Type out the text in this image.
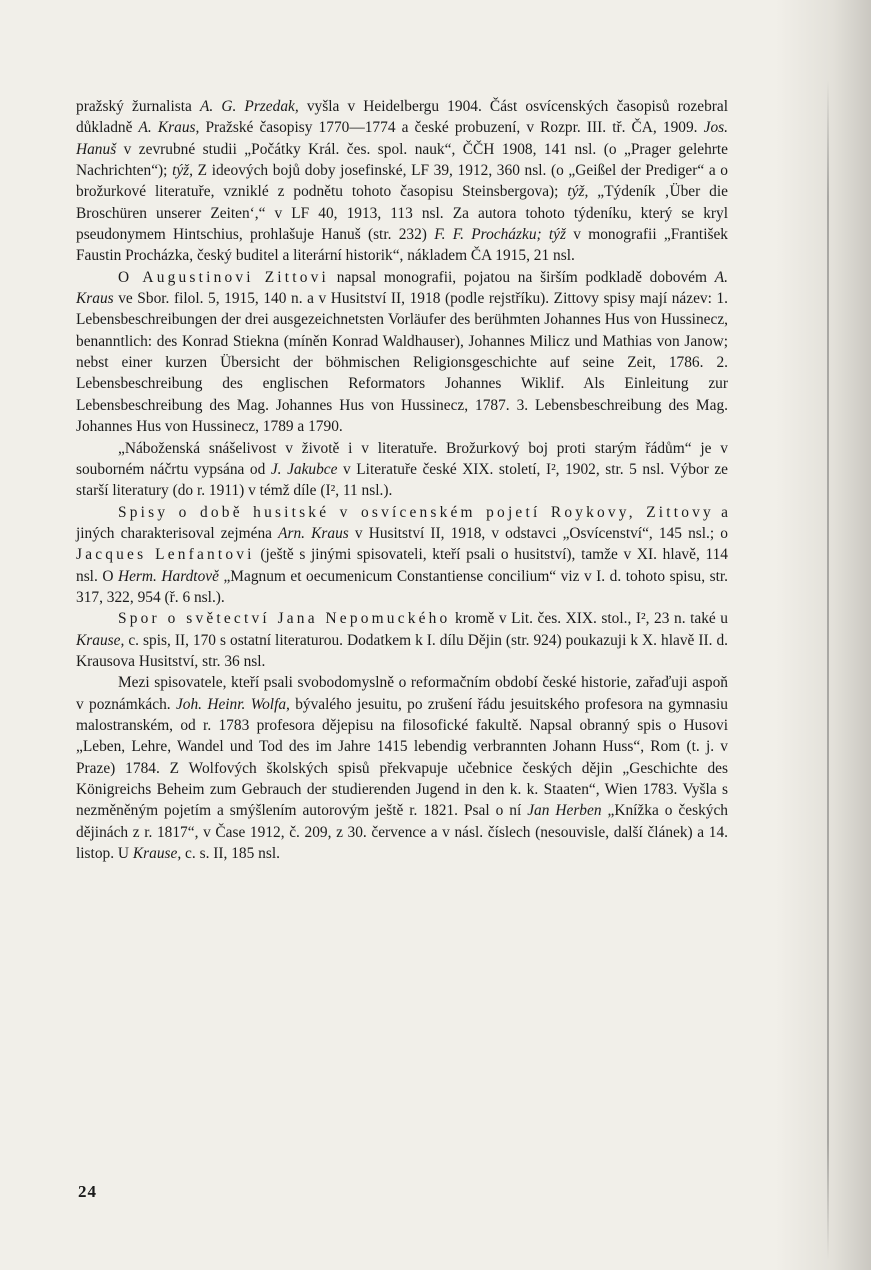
pražský žurnalista A. G. Przedak, vyšla v Heidelbergu 1904. Část osvícenských časopisů rozebral důkladně A. Kraus, Pražské časopisy 1770—1774 a české probuzení, v Rozpr. III. tř. ČA, 1909. Jos. Hanuš v zevrubné studii „Počátky Král. čes. spol. nauk“, ČČH 1908, 141 nsl. (o „Prager gelehrte Nachrichten“); týž, Z ideových bojů doby josefinské, LF 39, 1912, 360 nsl. (o „Geißel der Prediger“ a o brožurkové literatuře, vzniklé z podnětu tohoto časopisu Steinsbergova); týž, „Týdeník ‚Über die Broschüren unserer Zeiten‘,“ v LF 40, 1913, 113 nsl. Za autora tohoto týdeníku, který se kryl pseudonymem Hintschius, prohlašuje Hanuš (str. 232) F. F. Procházku; týž v monografii „František Faustin Procházka, český buditel a literární historik“, nákladem ČA 1915, 21 nsl.

O Augustinovi Zittovi napsal monografii, pojatou na širším podkladě dobovém A. Kraus ve Sbor. filol. 5, 1915, 140 n. a v Husitství II, 1918 (podle rejstříku). Zittovy spisy mají název: 1. Lebensbeschreibungen der drei ausgezeichnetsten Vorläufer des berühmten Johannes Hus von Hussinecz, benanntlich: des Konrad Stiekna (míněn Konrad Waldhauser), Johannes Milicz und Mathias von Janow; nebst einer kurzen Übersicht der böhmischen Religionsgeschichte auf seine Zeit, 1786. 2. Lebensbeschreibung des englischen Reformators Johannes Wiklif. Als Einleitung zur Lebensbeschreibung des Mag. Johannes Hus von Hussinecz, 1787. 3. Lebensbeschreibung des Mag. Johannes Hus von Hussinecz, 1789 a 1790.

„Náboženská snášelivost v životě i v literatuře. Brožurkový boj proti starým řádům“ je v souborném náčrtu vypsána od J. Jakubce v Literatuře české XIX. století, I², 1902, str. 5 nsl. Výbor ze starší literatury (do r. 1911) v témž díle (I², 11 nsl.).

Spisy o době husitské v osvícenském pojetí Roykovy, Zittovy a jiných charakterisoval zejména Arn. Kraus v Husitství II, 1918, v odstavci „Osvícenství“, 145 nsl.; o Jacques Lenfantovi (ještě s jinými spisovateli, kteří psali o husitství), tamže v XI. hlavě, 114 nsl. O Herm. Hardtově „Magnum et oecumenicum Constantiense concilium“ viz v I. d. tohoto spisu, str. 317, 322, 954 (ř. 6 nsl.).

Spor o světectví Jana Nepomuckého kromě v Lit. čes. XIX. stol., I², 23 n. také u Krause, c. spis, II, 170 s ostatní literaturou. Dodatkem k I. dílu Dějin (str. 924) poukazuji k X. hlavě II. d. Krausova Husitství, str. 36 nsl.

Mezi spisovatele, kteří psali svobodomyslně o reformačním období české historie, zařaďuji aspoň v poznámkách. Joh. Heinr. Wolfa, bývalého jesuitu, po zrušení řádu jesuitského profesora na gymnasiu malostranském, od r. 1783 profesora dějepisu na filosofické fakultě. Napsal obranný spis o Husovi „Leben, Lehre, Wandel und Tod des im Jahre 1415 lebendig verbrannten Johann Huss“, Rom (t. j. v Praze) 1784. Z Wolfových školských spisů překvapuje učebnice českých dějin „Geschichte des Königreichs Beheim zum Gebrauch der studierenden Jugend in den k. k. Staaten“, Wien 1783. Vyšla s nezměněným pojetím a smýšlením autorovým ještě r. 1821. Psal o ní Jan Herben „Knížka o českých dějinách z r. 1817“, v Čase 1912, č. 209, z 30. července a v násl. číslech (nesouvisle, další článek) a 14. listop. U Krause, c. s. II, 185 nsl.

24
